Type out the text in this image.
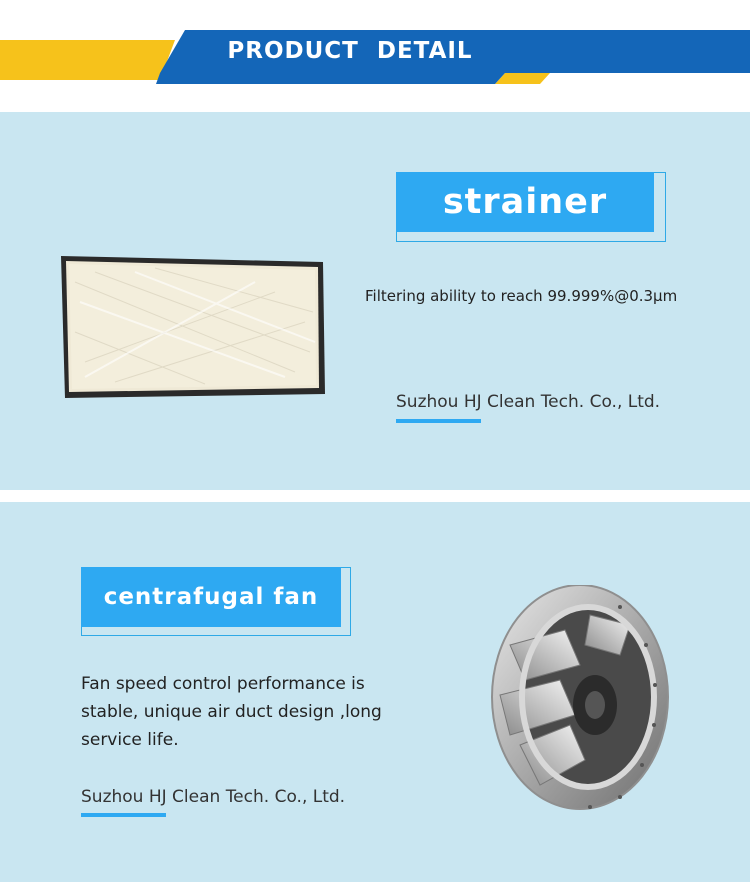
PRODUCT  DETAIL
strainer
Filtering ability to reach 99.999%@0.3μm
Suzhou HJ Clean Tech. Co., Ltd.
centrafugal fan
Fan speed control performance is stable, unique air duct design ,long service life.
Suzhou HJ Clean Tech. Co., Ltd.
